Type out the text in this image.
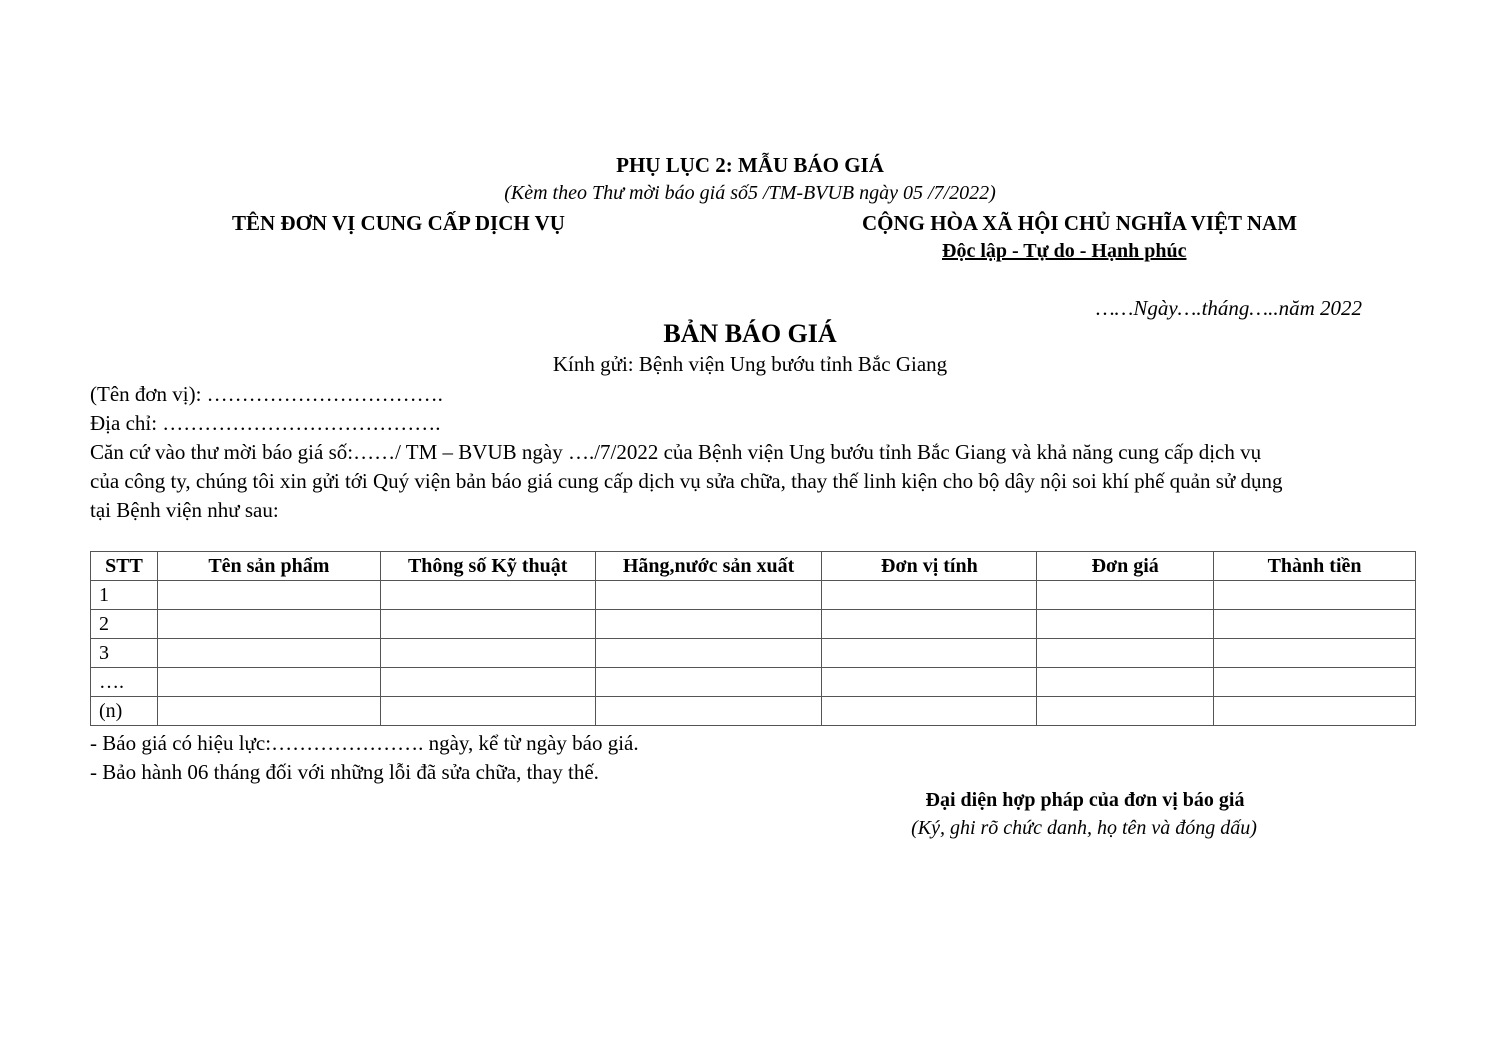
PHỤ LỤC 2: MẪU BÁO GIÁ
(Kèm theo Thư mời báo giá số5 /TM-BVUB ngày 05 /7/2022)
TÊN ĐƠN VỊ CUNG CẤP DỊCH VỤ	CỘNG HÒA XÃ HỘI CHỦ NGHĨA VIỆT NAM
Độc lập - Tự do - Hạnh phúc
……Ngày….tháng…..năm 2022
BẢN BÁO GIÁ
Kính gửi: Bệnh viện Ung bướu tỉnh Bắc Giang
(Tên đơn vị): …………………………….
Địa chỉ: ………………………………….
Căn cứ vào thư mời báo giá số:……/ TM – BVUB ngày …./7/2022 của Bệnh viện Ung bướu tỉnh Bắc Giang và khả năng cung cấp dịch vụ
của công ty, chúng tôi xin gửi tới Quý viện bản báo giá cung cấp dịch vụ sửa chữa, thay thế linh kiện cho bộ dây nội soi khí phế quản sử dụng
tại Bệnh viện như sau:
STT	Tên sản phẩm	Thông số Kỹ thuật	Hãng,nước sản xuất	Đơn vị tính	Đơn giá	Thành tiền
1						
2						
3						
….						
(n)						
- Báo giá có hiệu lực:…………………. ngày, kể từ ngày báo giá.
- Bảo hành 06 tháng đối với những lỗi đã sửa chữa, thay thế.
Đại diện hợp pháp của đơn vị báo giá
(Ký, ghi rõ chức danh, họ tên và đóng dấu)
